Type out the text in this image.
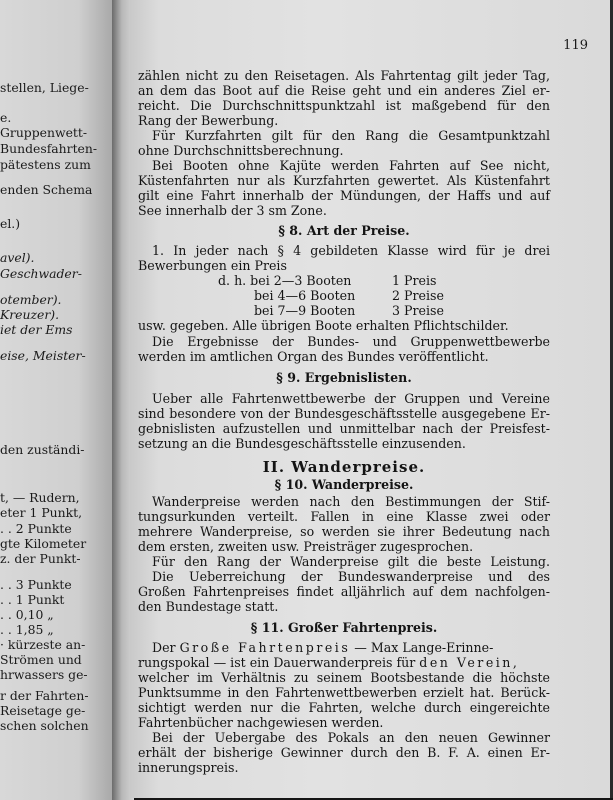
stellen, Liege-
e.
Gruppenwett-
Bundesfahrten-
pätestens zum
enden Schema
el.)
avel).
Geschwader-
otember).
Kreuzer).
iet der Ems
eise, Meister-
den zuständi-
t, — Rudern,
eter 1 Punkt,
. . 2 Punkte
gte Kilometer
z. der Punkt-
. . 3 Punkte
. . 1 Punkt
. . 0,10 „
. . 1,85 „
· kürzeste an-
Strömen und
hrwassers ge-
r der Fahrten-
Reisetage ge-
schen solchen
119
zählen nicht zu den Reisetagen. Als Fahrtentag gilt jeder Tag,
an dem das Boot auf die Reise geht und ein anderes Ziel er-
reicht. Die Durchschnittspunktzahl ist maßgebend für den
Rang der Bewerbung.
Für Kurzfahrten gilt für den Rang die Gesamtpunktzahl
ohne Durchschnittsberechnung.
Bei Booten ohne Kajüte werden Fahrten auf See nicht,
Küstenfahrten nur als Kurzfahrten gewertet. Als Küstenfahrt
gilt eine Fahrt innerhalb der Mündungen, der Haffs und auf
See innerhalb der 3 sm Zone.
§ 8. Art der Preise.
1. In jeder nach § 4 gebildeten Klasse wird für je drei
Bewerbungen ein Preis
d. h. bei 2—3 Booten	1 Preis
bei 4—6 Booten	2 Preise
bei 7—9 Booten	3 Preise
usw. gegeben. Alle übrigen Boote erhalten Pflichtschilder.
Die Ergebnisse der Bundes- und Gruppenwettbewerbe
werden im amtlichen Organ des Bundes veröffentlicht.
§ 9. Ergebnislisten.
Ueber alle Fahrtenwettbewerbe der Gruppen und Vereine
sind besondere von der Bundesgeschäftsstelle ausgegebene Er-
gebnislisten aufzustellen und unmittelbar nach der Preisfest-
setzung an die Bundesgeschäftsstelle einzusenden.
II. Wanderpreise.
§ 10. Wanderpreise.
Wanderpreise werden nach den Bestimmungen der Stif-
tungsurkunden verteilt. Fallen in eine Klasse zwei oder
mehrere Wanderpreise, so werden sie ihrer Bedeutung nach
dem ersten, zweiten usw. Preisträger zugesprochen.
Für den Rang der Wanderpreise gilt die beste Leistung.
Die Ueberreichung der Bundeswanderpreise und des
Großen Fahrtenpreises findet alljährlich auf dem nachfolgen-
den Bundestage statt.
§ 11. Großer Fahrtenpreis.
Der Große Fahrtenpreis — Max Lange-Erinne-
rungspokal — ist ein Dauerwanderpreis für den Verein,
welcher im Verhältnis zu seinem Bootsbestande die höchste
Punktsumme in den Fahrtenwettbewerben erzielt hat. Berück-
sichtigt werden nur die Fahrten, welche durch eingereichte
Fahrtenbücher nachgewiesen werden.
Bei der Uebergabe des Pokals an den neuen Gewinner
erhält der bisherige Gewinner durch den B. F. A. einen Er-
innerungspreis.
